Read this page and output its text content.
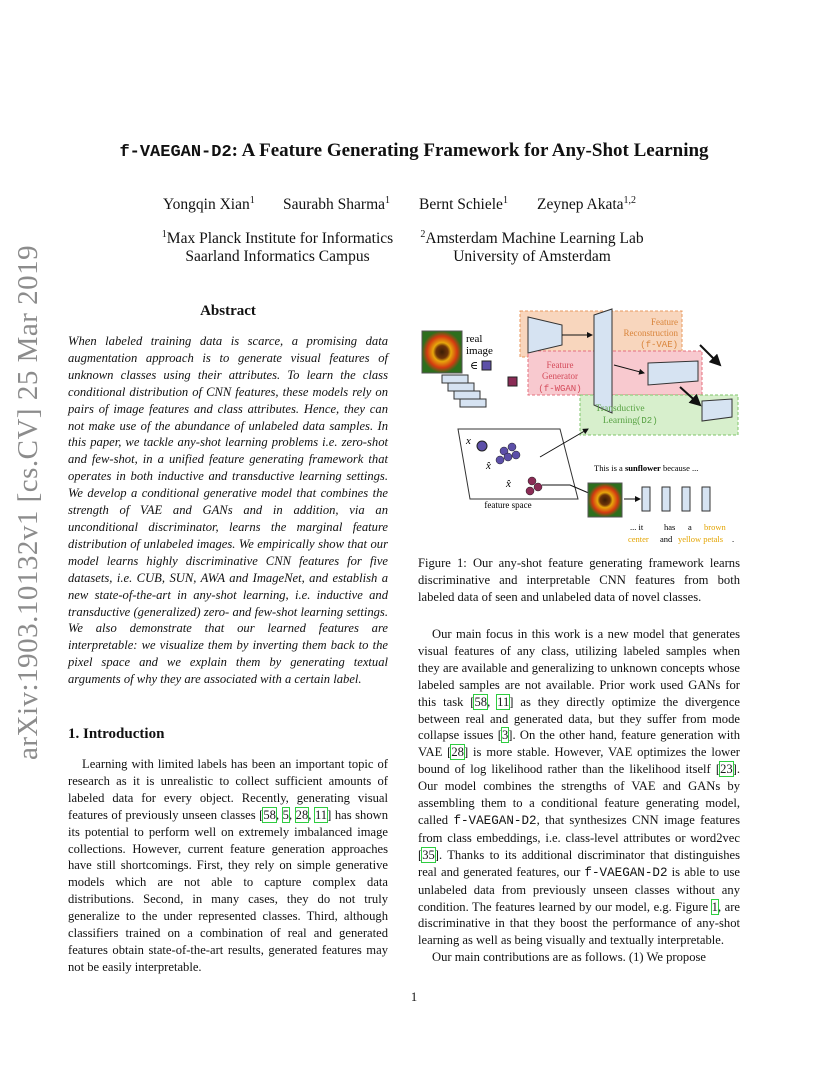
arXiv:1903.10132v1 [cs.CV] 25 Mar 2019
f-VAEGAN-D2: A Feature Generating Framework for Any-Shot Learning
Yongqin Xian$^1$ Saurabh Sharma$^1$ Bernt Schiele$^1$ Zeynep Akata$^{1,2}$
$^1$Max Planck Institute for Informatics
Saarland Informatics Campus
$^2$Amsterdam Machine Learning Lab
University of Amsterdam
Abstract
When labeled training data is scarce, a promising data augmentation approach is to generate visual features of unknown classes using their attributes. To learn the class conditional distribution of CNN features, these models rely on pairs of image features and class attributes. Hence, they can not make use of the abundance of unlabeled data samples. In this paper, we tackle any-shot learning problems i.e. zero-shot and few-shot, in a unified feature generating framework that operates in both inductive and transductive learning settings. We develop a conditional generative model that combines the strength of VAE and GANs and in addition, via an unconditional discriminator, learns the marginal feature distribution of unlabeled images. We empirically show that our model learns highly discriminative CNN features for five datasets, i.e. CUB, SUN, AWA and ImageNet, and establish a new state-of-the-art in any-shot learning, i.e. inductive and transductive (generalized) zero- and few-shot learning settings. We also demonstrate that our learned features are interpretable: we visualize them by inverting them back to the pixel space and we explain them by generating textual arguments of why they are associated with a certain label.
1. Introduction
Learning with limited labels has been an important topic of research as it is unrealistic to collect sufficient amounts of labeled data for every object. Recently, generating visual features of previously unseen classes [58, 5, 28, 11] has shown its potential to perform well on extremely imbalanced image collections. However, current feature generation approaches have still shortcomings. First, they rely on simple generative models which are not able to capture complex data distributions. Second, in many cases, they do not truly generalize to the under represented classes. Third, although classifiers trained on a combination of real and generated features obtain state-of-the-art results, generated features may not be easily interpretable.
real image
∈
Feature Reconstruction
(f-VAE)
Feature Generator
(f-WGAN)
Transductive Learning
(D2)
x
x̂
x̂
feature space
This is a sunflower because ...
... it has a brown
center and yellow petals .
Figure 1: Our any-shot feature generating framework learns discriminative and interpretable CNN features from both labeled data of seen and unlabeled data of novel classes.
Our main focus in this work is a new model that generates visual features of any class, utilizing labeled samples when they are available and generalizing to unknown concepts whose labeled samples are not available. Prior work used GANs for this task [58, 11] as they directly optimize the divergence between real and generated data, but they suffer from mode collapse issues [3]. On the other hand, feature generation with VAE [28] is more stable. However, VAE optimizes the lower bound of log likelihood rather than the likelihood itself [23]. Our model combines the strengths of VAE and GANs by assembling them to a conditional feature generating model, called f-VAEGAN-D2, that synthesizes CNN image features from class embeddings, i.e. class-level attributes or word2vec [35]. Thanks to its additional discriminator that distinguishes real and generated features, our f-VAEGAN-D2 is able to use unlabeled data from previously unseen classes without any condition. The features learned by our model, e.g. Figure 1, are discriminative in that they boost the performance of any-shot learning as well as being visually and textually interpretable.
Our main contributions are as follows. (1) We propose
1
